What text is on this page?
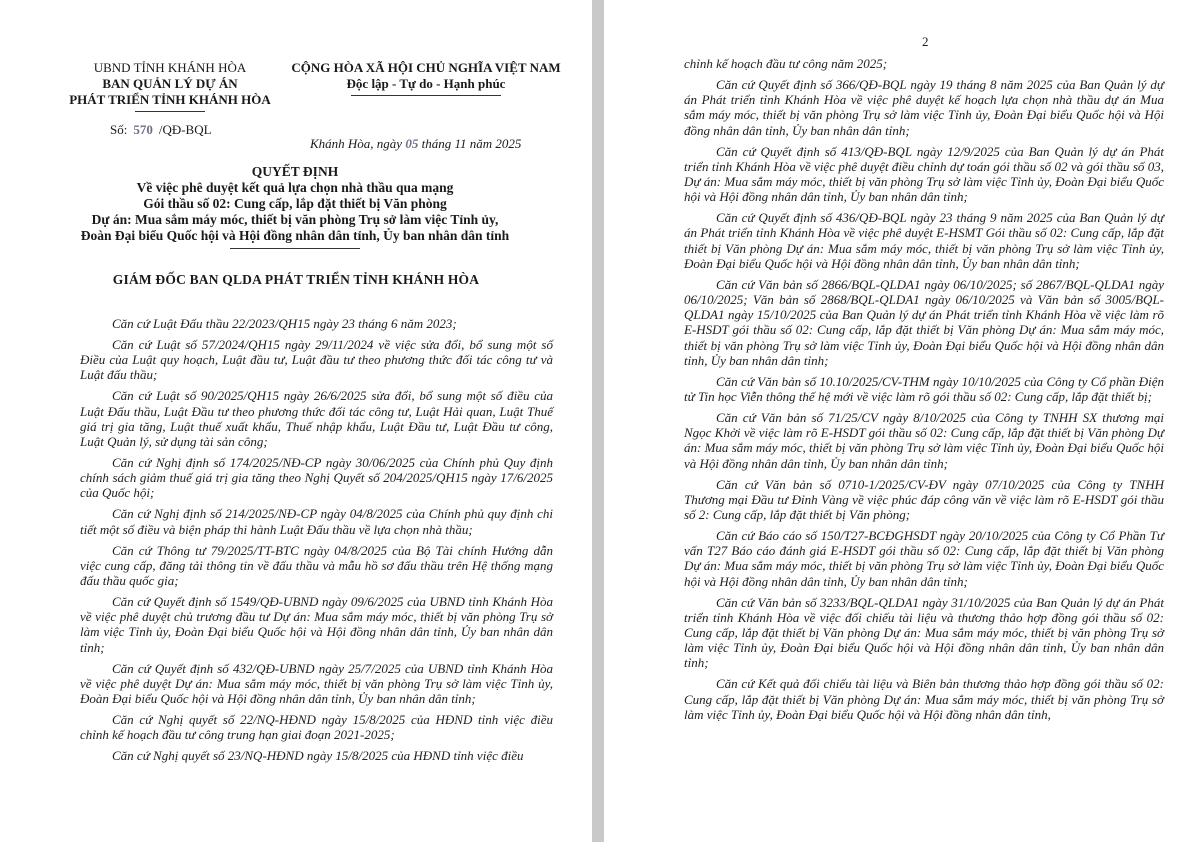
UBND TỈNH KHÁNH HÒA
BAN QUẢN LÝ DỰ ÁN
PHÁT TRIỂN TỈNH KHÁNH HÒA
CỘNG HÒA XÃ HỘI CHỦ NGHĨA VIỆT NAM
Độc lập - Tự do - Hạnh phúc
Số: 570 /QĐ-BQL
Khánh Hòa, ngày 05 tháng 11 năm 2025
QUYẾT ĐỊNH
Về việc phê duyệt kết quả lựa chọn nhà thầu qua mạng
Gói thầu số 02: Cung cấp, lắp đặt thiết bị Văn phòng
Dự án: Mua sắm máy móc, thiết bị văn phòng Trụ sở làm việc Tỉnh ủy,
Đoàn Đại biểu Quốc hội và Hội đồng nhân dân tỉnh, Ủy ban nhân dân tỉnh
GIÁM ĐỐC BAN QLDA PHÁT TRIỂN TỈNH KHÁNH HÒA

Căn cứ Luật Đấu thầu 22/2023/QH15 ngày 23 tháng 6 năm 2023;

Căn cứ Luật số 57/2024/QH15 ngày 29/11/2024 về việc sửa đổi, bổ sung một số Điều của Luật quy hoạch, Luật đầu tư, Luật đầu tư theo phương thức đối tác công tư và Luật đấu thầu;

Căn cứ Luật số 90/2025/QH15 ngày 26/6/2025 sửa đổi, bổ sung một số điều của Luật Đấu thầu, Luật Đầu tư theo phương thức đối tác công tư, Luật Hải quan, Luật Thuế giá trị gia tăng, Luật thuế xuất khẩu, Thuế nhập khẩu, Luật Đầu tư, Luật Đầu tư công, Luật Quản lý, sử dụng tài sản công;

Căn cứ Nghị định số 174/2025/NĐ-CP ngày 30/06/2025 của Chính phủ Quy định chính sách giảm thuế giá trị gia tăng theo Nghị Quyết số 204/2025/QH15 ngày 17/6/2025 của Quốc hội;

Căn cứ Nghị định số 214/2025/NĐ-CP ngày 04/8/2025 của Chính phủ quy định chi tiết một số điều và biện pháp thi hành Luật Đấu thầu về lựa chọn nhà thầu;

Căn cứ Thông tư 79/2025/TT-BTC ngày 04/8/2025 của Bộ Tài chính Hướng dẫn việc cung cấp, đăng tải thông tin về đấu thầu và mẫu hồ sơ đấu thầu trên Hệ thống mạng đấu thầu quốc gia;

Căn cứ Quyết định số 1549/QĐ-UBND ngày 09/6/2025 của UBND tỉnh Khánh Hòa về việc phê duyệt chủ trương đầu tư Dự án: Mua sắm máy móc, thiết bị văn phòng Trụ sở làm việc Tỉnh ủy, Đoàn Đại biểu Quốc hội và Hội đồng nhân dân tỉnh, Ủy ban nhân dân tỉnh;

Căn cứ Quyết định số 432/QĐ-UBND ngày 25/7/2025 của UBND tỉnh Khánh Hòa về việc phê duyệt Dự án: Mua sắm máy móc, thiết bị văn phòng Trụ sở làm việc Tỉnh ủy, Đoàn Đại biểu Quốc hội và Hội đồng nhân dân tỉnh, Ủy ban nhân dân tỉnh;

Căn cứ Nghị quyết số 22/NQ-HĐND ngày 15/8/2025 của HĐND tỉnh việc điều chỉnh kế hoạch đầu tư công trung hạn giai đoạn 2021-2025;

Căn cứ Nghị quyết số 23/NQ-HĐND ngày 15/8/2025 của HĐND tỉnh việc điều

2

chỉnh kế hoạch đầu tư công năm 2025;

Căn cứ Quyết định số 366/QĐ-BQL ngày 19 tháng 8 năm 2025 của Ban Quản lý dự án Phát triển tỉnh Khánh Hòa về việc phê duyệt kế hoạch lựa chọn nhà thầu dự án Mua sắm máy móc, thiết bị văn phòng Trụ sở làm việc Tỉnh ủy, Đoàn Đại biểu Quốc hội và Hội đồng nhân dân tỉnh, Ủy ban nhân dân tỉnh;

Căn cứ Quyết định số 413/QĐ-BQL ngày 12/9/2025 của Ban Quản lý dự án Phát triển tỉnh Khánh Hòa về việc phê duyệt điều chỉnh dự toán gói thầu số 02 và gói thầu số 03, Dự án: Mua sắm máy móc, thiết bị văn phòng Trụ sở làm việc Tỉnh ủy, Đoàn Đại biểu Quốc hội và Hội đồng nhân dân tỉnh, Ủy ban nhân dân tỉnh;

Căn cứ Quyết định số 436/QĐ-BQL ngày 23 tháng 9 năm 2025 của Ban Quản lý dự án Phát triển tỉnh Khánh Hòa về việc phê duyệt E-HSMT Gói thầu số 02: Cung cấp, lắp đặt thiết bị Văn phòng Dự án: Mua sắm máy móc, thiết bị văn phòng Trụ sở làm việc Tỉnh ủy, Đoàn Đại biểu Quốc hội và Hội đồng nhân dân tỉnh, Ủy ban nhân dân tỉnh;

Căn cứ Văn bản số 2866/BQL-QLDA1 ngày 06/10/2025; số 2867/BQL-QLDA1 ngày 06/10/2025; Văn bản số 2868/BQL-QLDA1 ngày 06/10/2025 và Văn bản số 3005/BQL-QLDA1 ngày 15/10/2025 của Ban Quản lý dự án Phát triển tỉnh Khánh Hòa về việc làm rõ E-HSDT gói thầu số 02: Cung cấp, lắp đặt thiết bị Văn phòng Dự án: Mua sắm máy móc, thiết bị văn phòng Trụ sở làm việc Tỉnh ủy, Đoàn Đại biểu Quốc hội và Hội đồng nhân dân tỉnh, Ủy ban nhân dân tỉnh;

Căn cứ Văn bản số 10.10/2025/CV-THM ngày 10/10/2025 của Công ty Cổ phần Điện tử Tin học Viễn thông thế hệ mới về việc làm rõ gói thầu số 02: Cung cấp, lắp đặt thiết bị;

Căn cứ Văn bản số 71/25/CV ngày 8/10/2025 của Công ty TNHH SX thương mại Ngọc Khởi về việc làm rõ E-HSDT gói thầu số 02: Cung cấp, lắp đặt thiết bị Văn phòng Dự án: Mua sắm máy móc, thiết bị văn phòng Trụ sở làm việc Tỉnh ủy, Đoàn Đại biểu Quốc hội và Hội đồng nhân dân tỉnh, Ủy ban nhân dân tỉnh;

Căn cứ Văn bản số 0710-1/2025/CV-ĐV ngày 07/10/2025 của Công ty TNHH Thương mại Đầu tư Đỉnh Vàng về việc phúc đáp công văn về việc làm rõ E-HSDT gói thầu số 2: Cung cấp, lắp đặt thiết bị Văn phòng;

Căn cứ Báo cáo số 150/T27-BCĐGHSDT ngày 20/10/2025 của Công ty Cổ Phần Tư vấn T27 Báo cáo đánh giá E-HSDT gói thầu số 02: Cung cấp, lắp đặt thiết bị Văn phòng Dự án: Mua sắm máy móc, thiết bị văn phòng Trụ sở làm việc Tỉnh ủy, Đoàn Đại biểu Quốc hội và Hội đồng nhân dân tỉnh, Ủy ban nhân dân tỉnh;

Căn cứ Văn bản số 3233/BQL-QLDA1 ngày 31/10/2025 của Ban Quản lý dự án Phát triển tỉnh Khánh Hòa về việc đối chiếu tài liệu và thương thảo hợp đồng gói thầu số 02: Cung cấp, lắp đặt thiết bị Văn phòng Dự án: Mua sắm máy móc, thiết bị văn phòng Trụ sở làm việc Tỉnh ủy, Đoàn Đại biểu Quốc hội và Hội đồng nhân dân tỉnh, Ủy ban nhân dân tỉnh;

Căn cứ Kết quả đối chiếu tài liệu và Biên bản thương thảo hợp đồng gói thầu số 02: Cung cấp, lắp đặt thiết bị Văn phòng Dự án: Mua sắm máy móc, thiết bị văn phòng Trụ sở làm việc Tỉnh ủy, Đoàn Đại biểu Quốc hội và Hội đồng nhân dân tỉnh,
